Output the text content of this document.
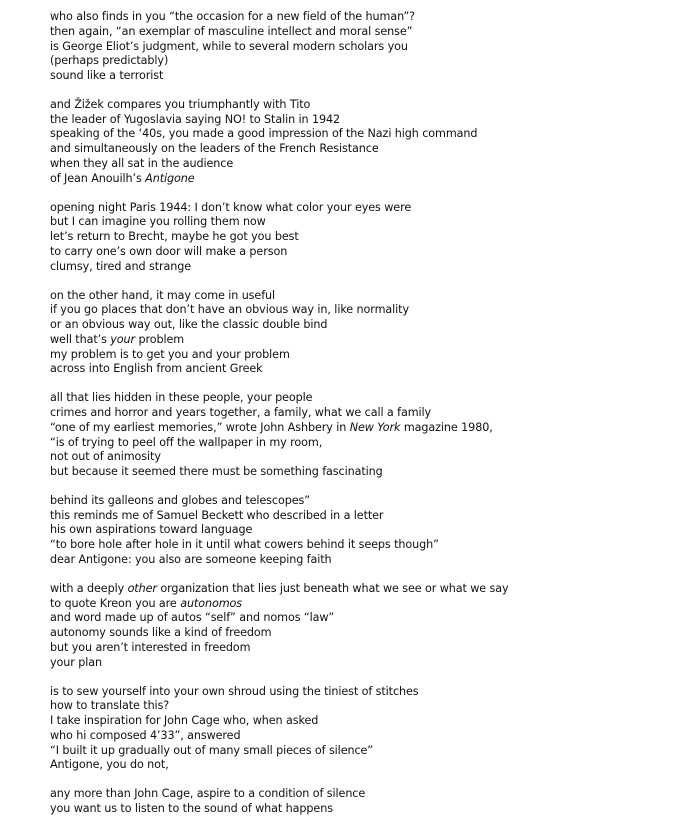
who also finds in you “the occasion for a new field of the human”?
then again, “an exemplar of masculine intellect and moral sense”
is George Eliot’s judgment, while to several modern scholars you
(perhaps predictably)
sound like a terrorist
and Žižek compares you triumphantly with Tito
the leader of Yugoslavia saying NO! to Stalin in 1942
speaking of the ‘40s, you made a good impression of the Nazi high command
and simultaneously on the leaders of the French Resistance
when they all sat in the audience
of Jean Anouilh’s Antigone
opening night Paris 1944: I don’t know what color your eyes were
but I can imagine you rolling them now
let’s return to Brecht, maybe he got you best
to carry one’s own door will make a person
clumsy, tired and strange
on the other hand, it may come in useful
if you go places that don’t have an obvious way in, like normality
or an obvious way out, like the classic double bind
well that’s your problem
my problem is to get you and your problem
across into English from ancient Greek
all that lies hidden in these people, your people
crimes and horror and years together, a family, what we call a family
“one of my earliest memories,” wrote John Ashbery in New York magazine 1980,
“is of trying to peel off the wallpaper in my room,
not out of animosity
but because it seemed there must be something fascinating
behind its galleons and globes and telescopes”
this reminds me of Samuel Beckett who described in a letter
his own aspirations toward language
“to bore hole after hole in it until what cowers behind it seeps though”
dear Antigone: you also are someone keeping faith
with a deeply other organization that lies just beneath what we see or what we say
to quote Kreon you are autonomos
and word made up of autos “self” and nomos “law”
autonomy sounds like a kind of freedom
but you aren’t interested in freedom
your plan
is to sew yourself into your own shroud using the tiniest of stitches
how to translate this?
I take inspiration for John Cage who, when asked
who hi composed 4’33”, answered
“I built it up gradually out of many small pieces of silence”
Antigone, you do not,
any more than John Cage, aspire to a condition of silence
you want us to listen to the sound of what happens
